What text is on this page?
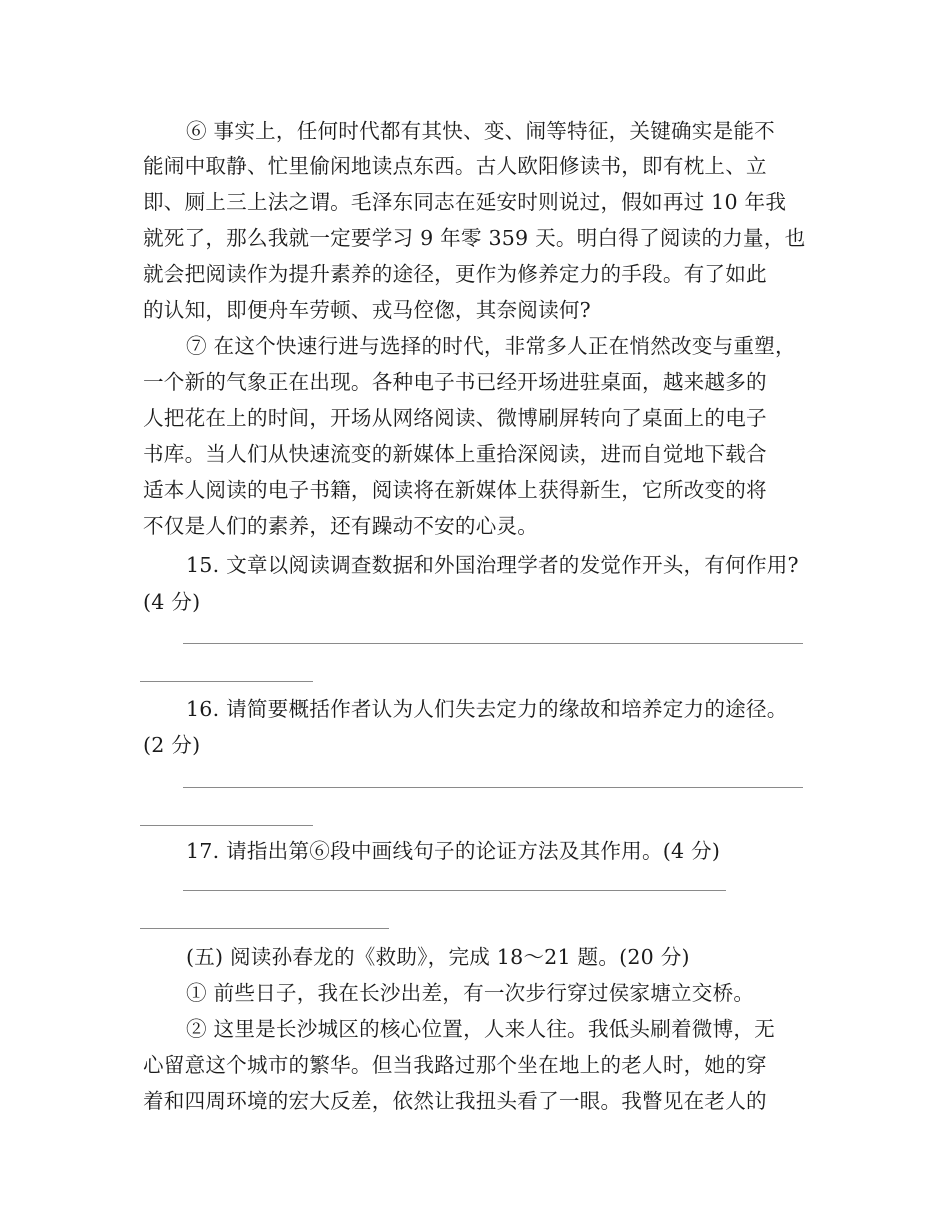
⑥ 事实上，任何时代都有其快、变、闹等特征，关键确实是能不
能闹中取静、忙里偷闲地读点东西。古人欧阳修读书，即有枕上、立
即、厕上三上法之谓。毛泽东同志在延安时则说过，假如再过 10 年我
就死了，那么我就一定要学习 9 年零 359 天。明白得了阅读的力量，也
就会把阅读作为提升素养的途径，更作为修养定力的手段。有了如此
的认知，即便舟车劳顿、戎马倥偬，其奈阅读何?
⑦ 在这个快速行进与选择的时代，非常多人正在悄然改变与重塑，
一个新的气象正在出现。各种电子书已经开场进驻桌面，越来越多的
人把花在上的时间，开场从网络阅读、微博刷屏转向了桌面上的电子
书库。当人们从快速流变的新媒体上重拾深阅读，进而自觉地下载合
适本人阅读的电子书籍，阅读将在新媒体上获得新生，它所改变的将
不仅是人们的素养，还有躁动不安的心灵。
15. 文章以阅读调查数据和外国治理学者的发觉作开头，有何作用?
(4 分)
16. 请简要概括作者认为人们失去定力的缘故和培养定力的途径。
(2 分)
17. 请指出第⑥段中画线句子的论证方法及其作用。(4 分)
(五) 阅读孙春龙的《救助》，完成 18～21 题。(20 分)
① 前些日子，我在长沙出差，有一次步行穿过侯家塘立交桥。
② 这里是长沙城区的核心位置，人来人往。我低头刷着微博，无
心留意这个城市的繁华。但当我路过那个坐在地上的老人时，她的穿
着和四周环境的宏大反差，依然让我扭头看了一眼。我瞥见在老人的
